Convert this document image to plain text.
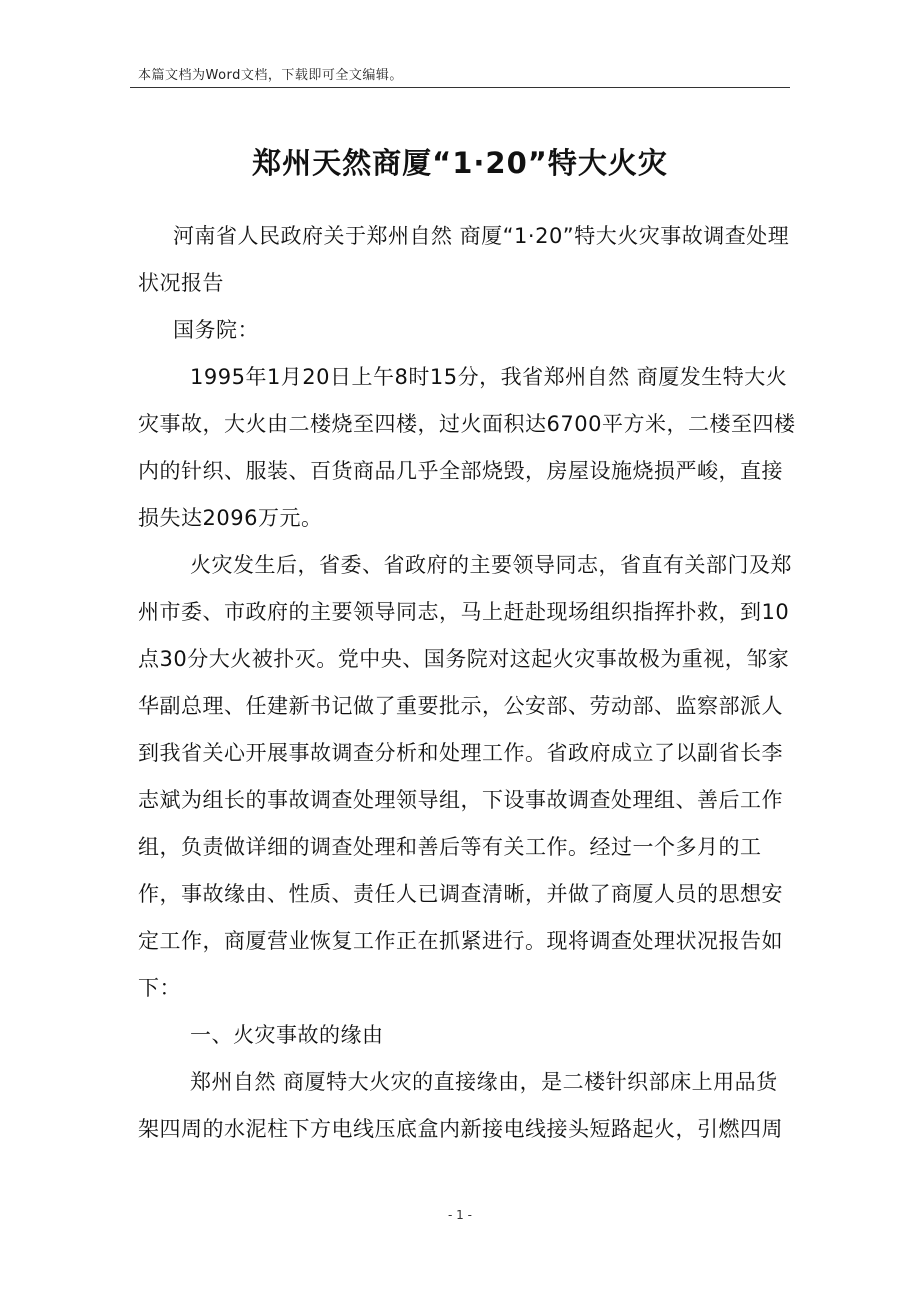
本篇文档为Word文档，下载即可全文编辑。
郑州天然商厦“1·20”特大火灾

河南省人民政府关于郑州自然 商厦“1·20”特大火灾事故调查处理状况报告

国务院：

1995年1月20日上午8时15分，我省郑州自然 商厦发生特大火灾事故，大火由二楼烧至四楼，过火面积达6700平方米，二楼至四楼内的针织、服装、百货商品几乎全部烧毁，房屋设施烧损严峻，直接损失达2096万元。

火灾发生后，省委、省政府的主要领导同志，省直有关部门及郑州市委、市政府的主要领导同志，马上赶赴现场组织指挥扑救，到10点30分大火被扑灭。党中央、国务院对这起火灾事故极为重视，邹家华副总理、任建新书记做了重要批示，公安部、劳动部、监察部派人到我省关心开展事故调查分析和处理工作。省政府成立了以副省长李志斌为组长的事故调查处理领导组，下设事故调查处理组、善后工作组，负责做详细的调查处理和善后等有关工作。经过一个多月的工作，事故缘由、性质、责任人已调查清晰，并做了商厦人员的思想安定工作，商厦营业恢复工作正在抓紧进行。现将调查处理状况报告如下：

一、火灾事故的缘由

郑州自然 商厦特大火灾的直接缘由，是二楼针织部床上用品货架四周的水泥柱下方电线压底盒内新接电线接头短路起火，引燃四周

- 1 -
